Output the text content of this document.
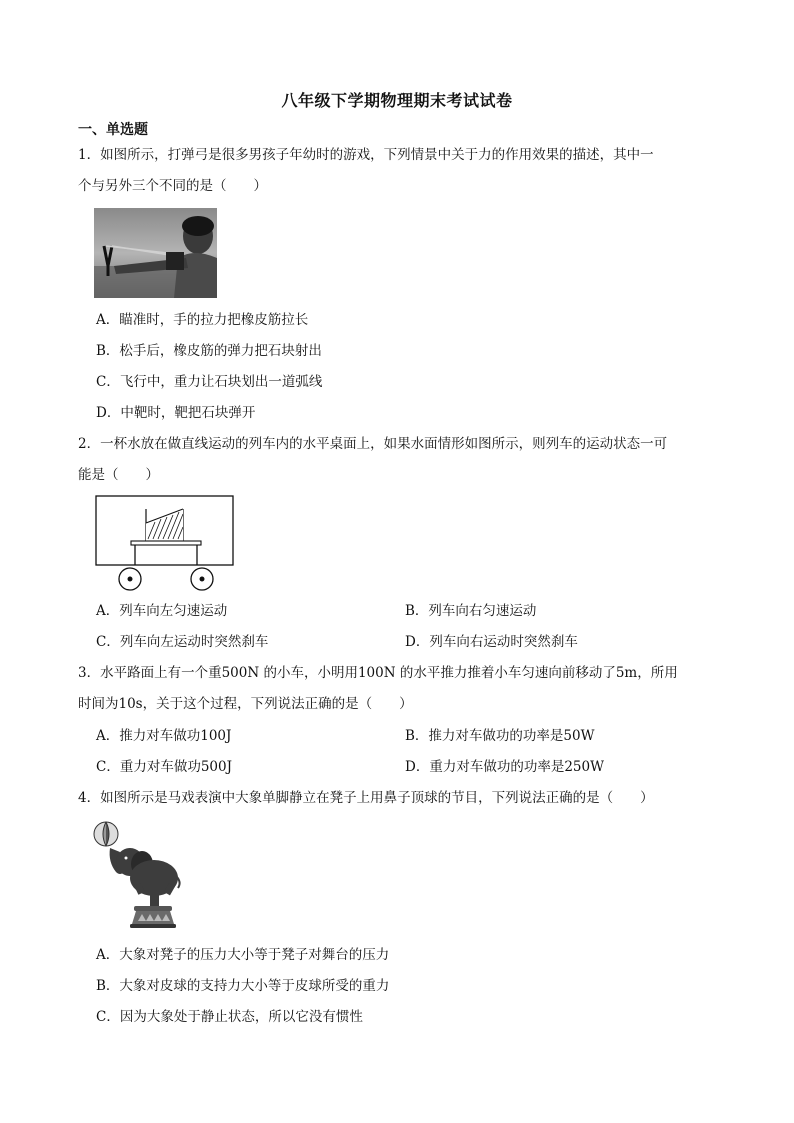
八年级下学期物理期末考试试卷
一、单选题
1．如图所示，打弹弓是很多男孩子年幼时的游戏，下列情景中关于力的作用效果的描述，其中一
个与另外三个不同的是（　　）
A．瞄准时，手的拉力把橡皮筋拉长
B．松手后，橡皮筋的弹力把石块射出
C．飞行中，重力让石块划出一道弧线
D．中靶时，靶把石块弹开
2．一杯水放在做直线运动的列车内的水平桌面上，如果水面情形如图所示，则列车的运动状态一可
能是（　　）
A．列车向左匀速运动	B．列车向右匀速运动
C．列车向左运动时突然刹车	D．列车向右运动时突然刹车
3．水平路面上有一个重500N 的小车，小明用100N 的水平推力推着小车匀速向前移动了5m，所用
时间为10s，关于这个过程，下列说法正确的是（　　）
A．推力对车做功100J	B．推力对车做功的功率是50W
C．重力对车做功500J	D．重力对车做功的功率是250W
4．如图所示是马戏表演中大象单脚静立在凳子上用鼻子顶球的节目，下列说法正确的是（　　）
A．大象对凳子的压力大小等于凳子对舞台的压力
B．大象对皮球的支持力大小等于皮球所受的重力
C．因为大象处于静止状态，所以它没有惯性
